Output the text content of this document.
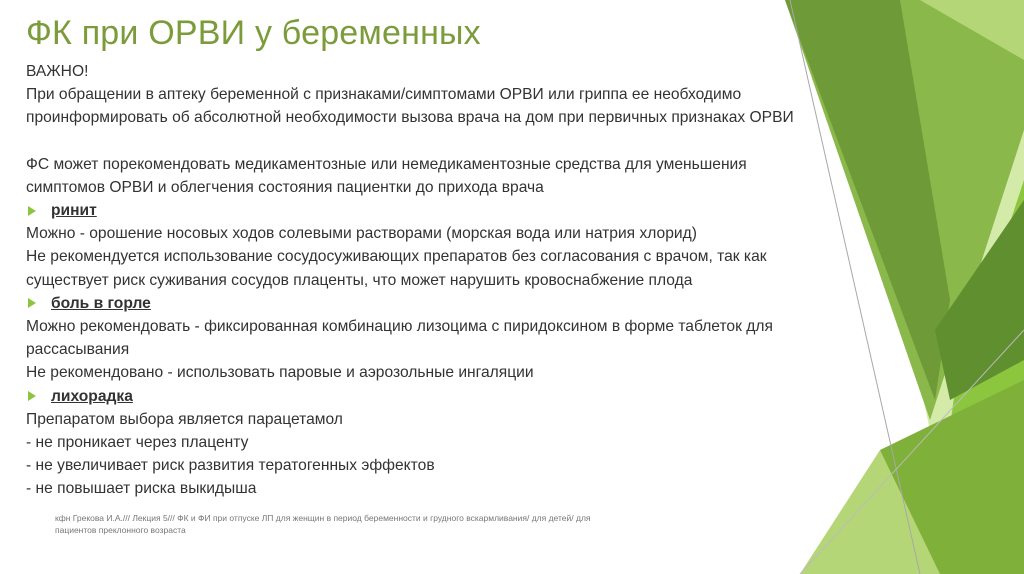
ФК при ОРВИ у беременных

ВАЖНО!

При обращении в аптеку беременной с признаками/симптомами ОРВИ или гриппа ее необходимо проинформировать об абсолютной необходимости вызова врача на дом при первичных признаках ОРВИ

ФС может порекомендовать медикаментозные или немедикаментозные средства для уменьшения симптомов ОРВИ и облегчения состояния пациентки до прихода врача

ринит

Можно - орошение носовых ходов солевыми растворами (морская вода или натрия хлорид)

Не рекомендуется использование сосудосуживающих препаратов без согласования с врачом, так как существует риск суживания сосудов плаценты, что может нарушить кровоснабжение плода

боль в горле

Можно рекомендовать - фиксированная комбинацию лизоцима с пиридоксином в форме таблеток для рассасывания

Не рекомендовано - использовать паровые и аэрозольные ингаляции

лихорадка

Препаратом выбора является парацетамол

- не проникает через плаценту

- не увеличивает риск развития тератогенных эффектов

- не повышает риска выкидыша

кфн Грекова И.А./// Лекция 5/// ФК и ФИ при отпуске ЛП для женщин в период беременности и грудного вскармливания/ для детей/ для пациентов преклонного возраста
